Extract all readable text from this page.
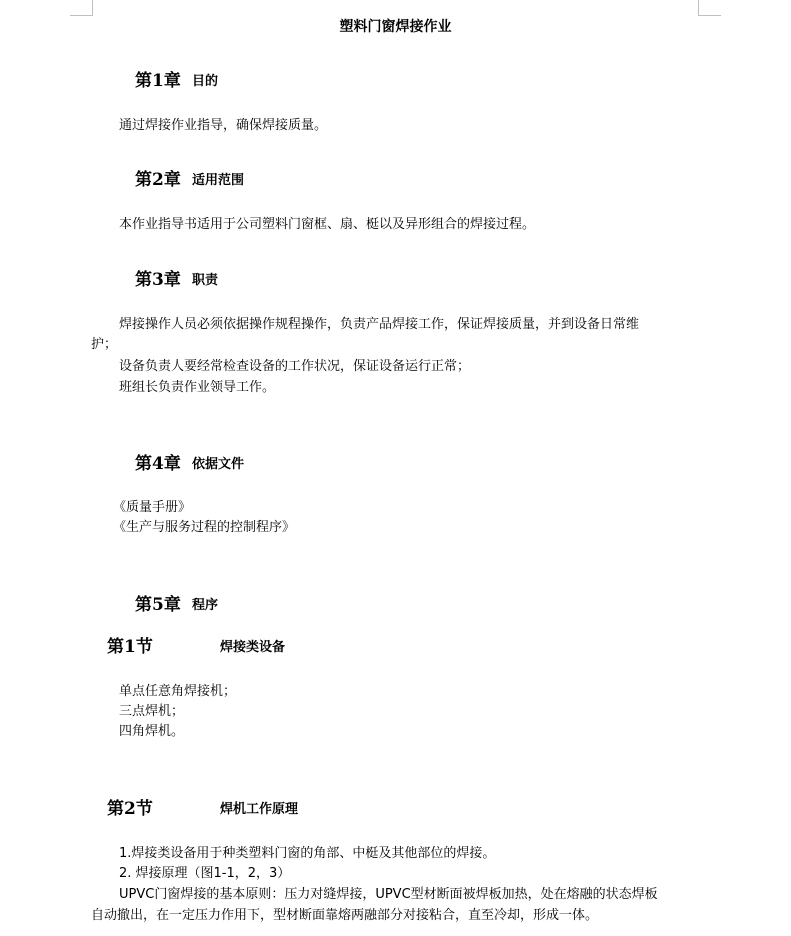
塑料门窗焊接作业
第1章 目的
通过焊接作业指导，确保焊接质量。
第2章 适用范围
本作业指导书适用于公司塑料门窗框、扇、梃以及异形组合的焊接过程。
第3章 职责
焊接操作人员必须依据操作规程操作，负责产品焊接工作，保证焊接质量，并到设备日常维
护；
设备负责人要经常检查设备的工作状况，保证设备运行正常；
班组长负责作业领导工作。
第4章 依据文件
《质量手册》
《生产与服务过程的控制程序》
第5章 程序
第1节	焊接类设备
单点任意角焊接机；
三点焊机；
四角焊机。
第2节	焊机工作原理
1.焊接类设备用于种类塑料门窗的角部、中梃及其他部位的焊接。
2. 焊接原理（图1-1，2，3）
UPVC门窗焊接的基本原则：压力对缝焊接，UPVC型材断面被焊板加热，处在熔融的状态焊板
自动撤出，在一定压力作用下，型材断面靠熔两融部分对接粘合，直至冷却，形成一体。
